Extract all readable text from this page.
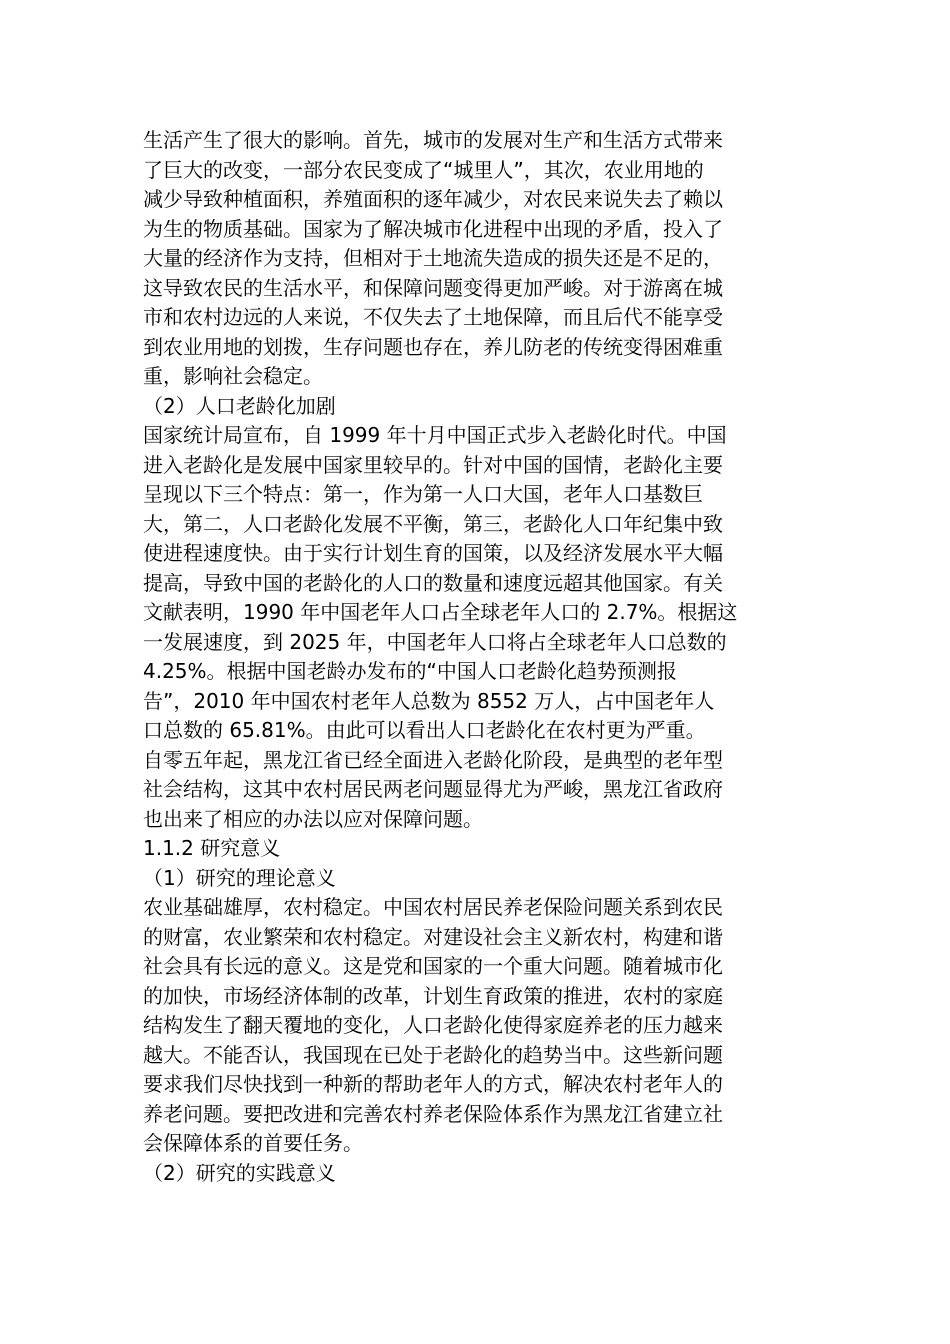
生活产生了很大的影响。首先，城市的发展对生产和生活方式带来
了巨大的改变，一部分农民变成了“城里人”，其次，农业用地的
减少导致种植面积，养殖面积的逐年减少，对农民来说失去了赖以
为生的物质基础。国家为了解决城市化进程中出现的矛盾，投入了
大量的经济作为支持，但相对于土地流失造成的损失还是不足的，
这导致农民的生活水平，和保障问题变得更加严峻。对于游离在城
市和农村边远的人来说，不仅失去了土地保障，而且后代不能享受
到农业用地的划拨，生存问题也存在，养儿防老的传统变得困难重
重，影响社会稳定。
（2）人口老龄化加剧
国家统计局宣布，自 1999 年十月中国正式步入老龄化时代。中国
进入老龄化是发展中国家里较早的。针对中国的国情，老龄化主要
呈现以下三个特点：第一，作为第一人口大国，老年人口基数巨
大，第二，人口老龄化发展不平衡，第三，老龄化人口年纪集中致
使进程速度快。由于实行计划生育的国策，以及经济发展水平大幅
提高，导致中国的老龄化的人口的数量和速度远超其他国家。有关
文献表明，1990 年中国老年人口占全球老年人口的 2.7%。根据这
一发展速度，到 2025 年，中国老年人口将占全球老年人口总数的
4.25%。根据中国老龄办发布的“中国人口老龄化趋势预测报
告”，2010 年中国农村老年人总数为 8552 万人，占中国老年人
口总数的 65.81%。由此可以看出人口老龄化在农村更为严重。
自零五年起，黑龙江省已经全面进入老龄化阶段，是典型的老年型
社会结构，这其中农村居民两老问题显得尤为严峻，黑龙江省政府
也出来了相应的办法以应对保障问题。
1.1.2 研究意义
（1）研究的理论意义
农业基础雄厚，农村稳定。中国农村居民养老保险问题关系到农民
的财富，农业繁荣和农村稳定。对建设社会主义新农村，构建和谐
社会具有长远的意义。这是党和国家的一个重大问题。随着城市化
的加快，市场经济体制的改革，计划生育政策的推进，农村的家庭
结构发生了翻天覆地的变化，人口老龄化使得家庭养老的压力越来
越大。不能否认，我国现在已处于老龄化的趋势当中。这些新问题
要求我们尽快找到一种新的帮助老年人的方式，解决农村老年人的
养老问题。要把改进和完善农村养老保险体系作为黑龙江省建立社
会保障体系的首要任务。
（2）研究的实践意义
